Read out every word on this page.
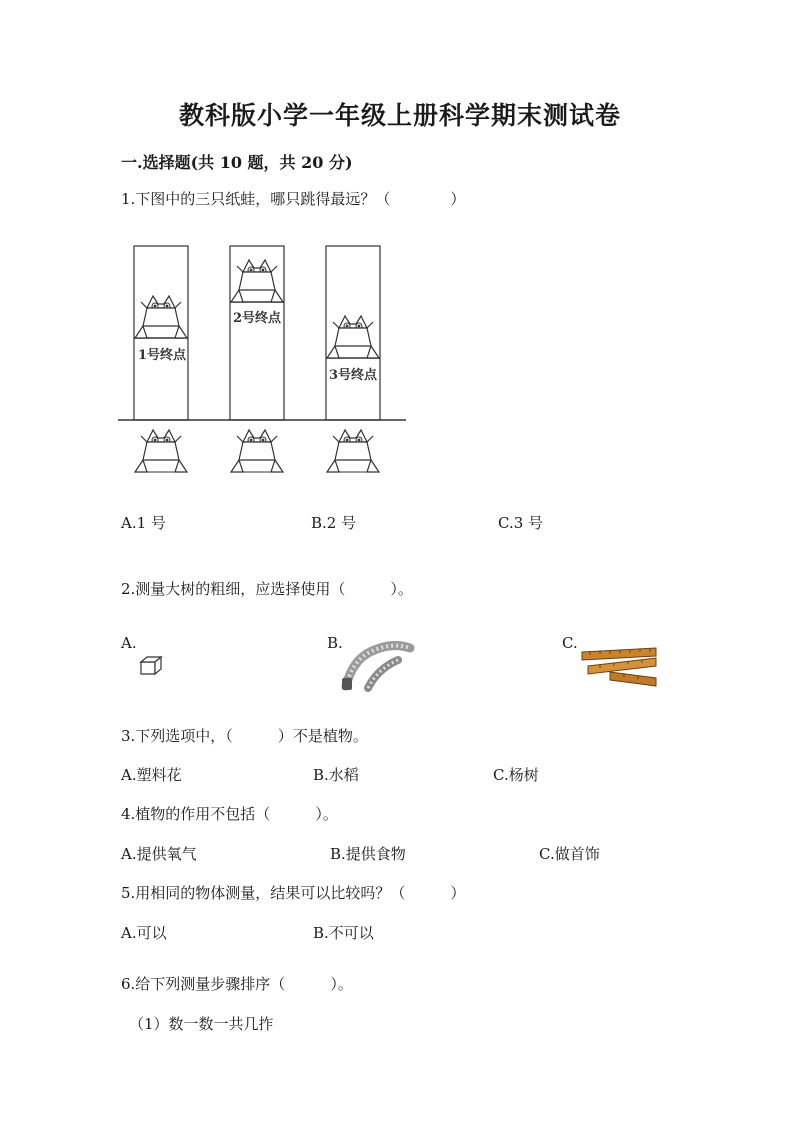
教科版小学一年级上册科学期末测试卷
一.选择题(共 10 题，共 20 分)
1.下图中的三只纸蛙，哪只跳得最远？（　　　　）
1号终点
2号终点
3号终点
A.1 号	B.2 号	C.3 号
2.测量大树的粗细，应选择使用（　　　）。
A.	B.	C.
3.下列选项中，（　　　）不是植物。
A.塑料花	B.水稻	C.杨树
4.植物的作用不包括（　　　）。
A.提供氧气	B.提供食物	C.做首饰
5.用相同的物体测量，结果可以比较吗？（　　　）
A.可以	B.不可以
6.给下列测量步骤排序（　　　）。
（1）数一数一共几拃
